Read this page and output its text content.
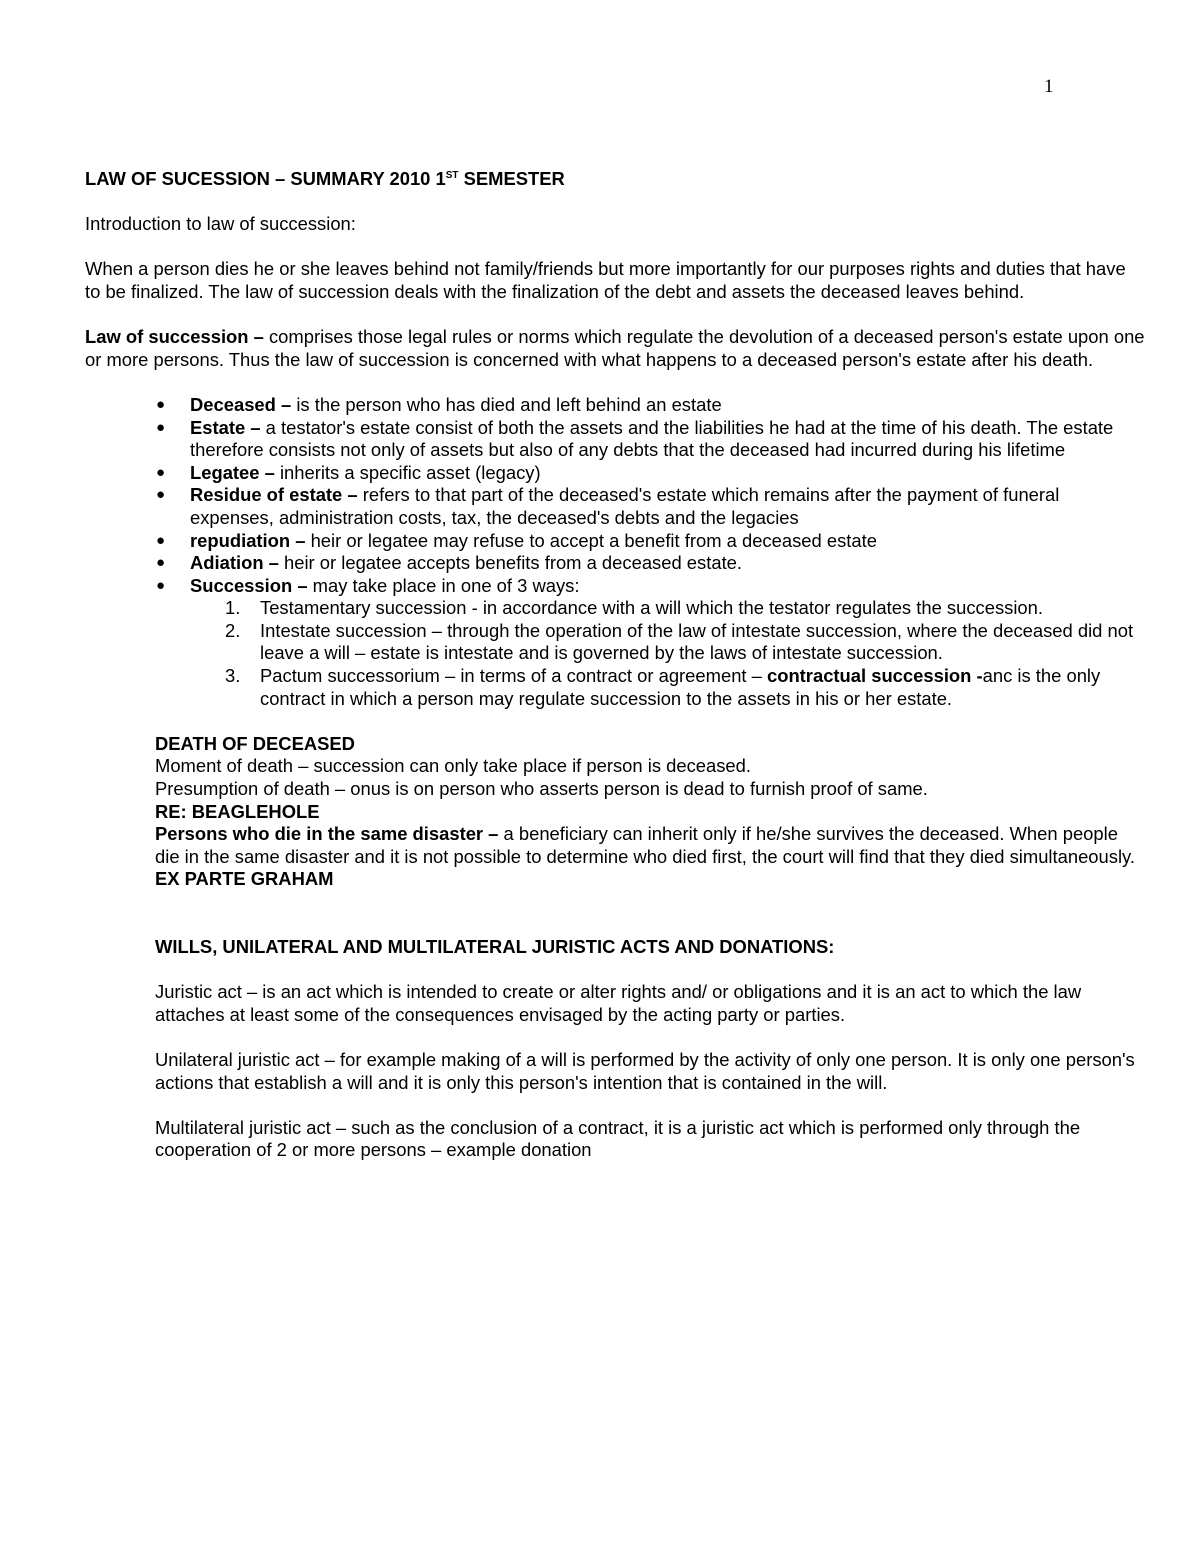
1

LAW OF SUCESSION – SUMMARY 2010 1ST SEMESTER

Introduction to law of succession:

When a person dies he or she leaves behind not family/friends but more importantly for our purposes rights and duties that have to be finalized. The law of succession deals with the finalization of the debt and assets the deceased leaves behind.

Law of succession – comprises those legal rules or norms which regulate the devolution of a deceased person's estate upon one or more persons. Thus the law of succession is concerned with what happens to a deceased person's estate after his death.

● Deceased – is the person who has died and left behind an estate
● Estate – a testator's estate consist of both the assets and the liabilities he had at the time of his death. The estate therefore consists not only of assets but also of any debts that the deceased had incurred during his lifetime
● Legatee – inherits a specific asset (legacy)
● Residue of estate – refers to that part of the deceased's estate which remains after the payment of funeral expenses, administration costs, tax, the deceased's debts and the legacies
● repudiation – heir or legatee may refuse to accept a benefit from a deceased estate
● Adiation – heir or legatee accepts benefits from a deceased estate.
● Succession – may take place in one of 3 ways:
1. Testamentary succession - in accordance with a will which the testator regulates the succession.
2. Intestate succession – through the operation of the law of intestate succession, where the deceased did not leave a will – estate is intestate and is governed by the laws of intestate succession.
3. Pactum successorium – in terms of a contract or agreement – contractual succession -anc is the only contract in which a person may regulate succession to the assets in his or her estate.

DEATH OF DECEASED

Moment of death – succession can only take place if person is deceased.

Presumption of death – onus is on person who asserts person is dead to furnish proof of same.

RE: BEAGLEHOLE

Persons who die in the same disaster – a beneficiary can inherit only if he/she survives the deceased. When people die in the same disaster and it is not possible to determine who died first, the court will find that they died simultaneously. EX PARTE GRAHAM

WILLS, UNILATERAL AND MULTILATERAL JURISTIC ACTS AND DONATIONS:

Juristic act – is an act which is intended to create or alter rights and/ or obligations and it is an act to which the law attaches at least some of the consequences envisaged by the acting party or parties.

Unilateral juristic act – for example making of a will is performed by the activity of only one person. It is only one person's actions that establish a will and it is only this person's intention that is contained in the will.

Multilateral juristic act – such as the conclusion of a contract, it is a juristic act which is performed only through the cooperation of 2 or more persons – example donation
